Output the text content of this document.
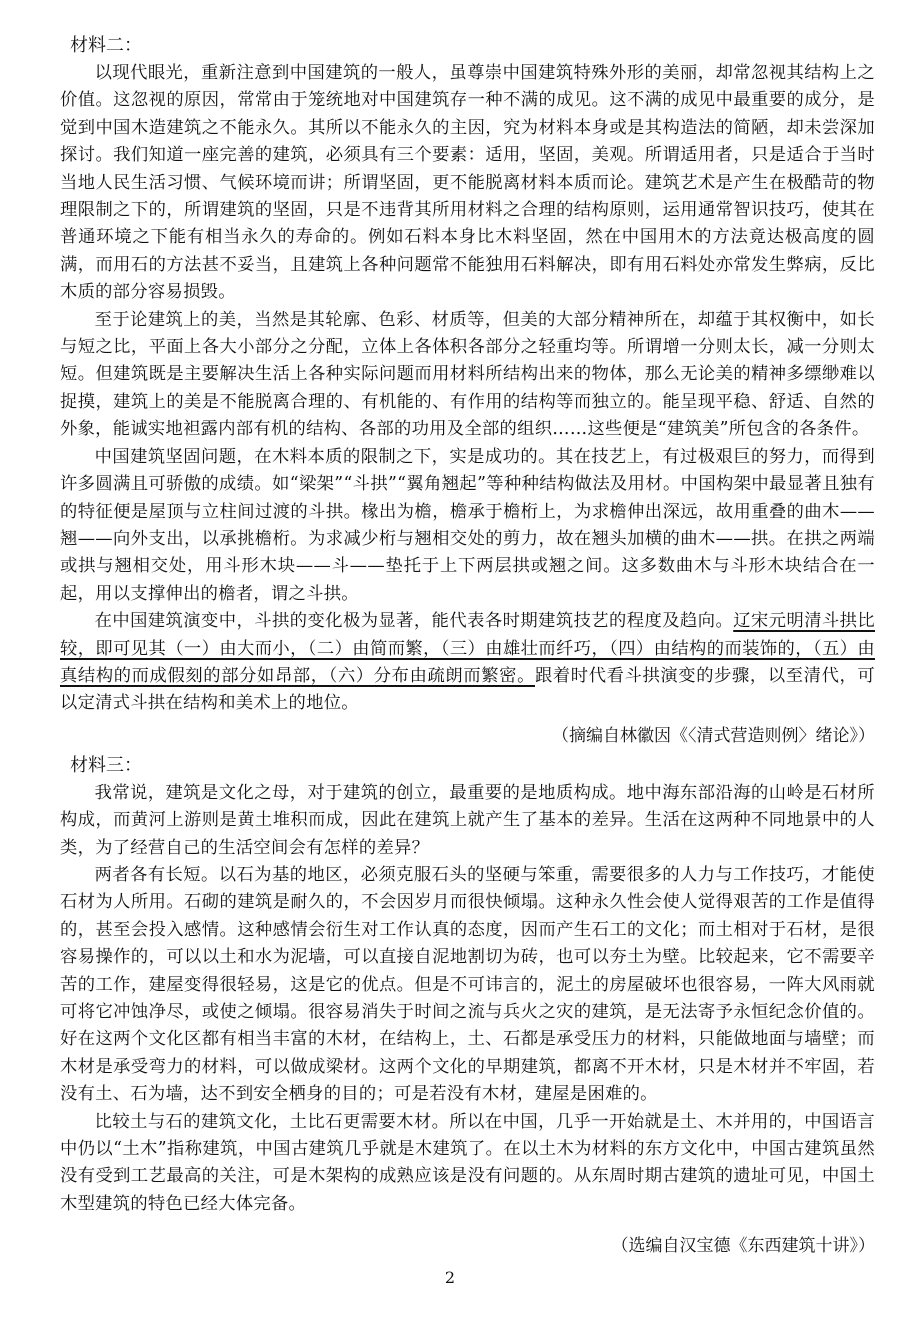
材料二：

以现代眼光，重新注意到中国建筑的一般人，虽尊崇中国建筑特殊外形的美丽，却常忽视其结构上之价值。这忽视的原因，常常由于笼统地对中国建筑存一种不满的成见。这不满的成见中最重要的成分，是觉到中国木造建筑之不能永久。其所以不能永久的主因，究为材料本身或是其构造法的简陋，却未尝深加探讨。我们知道一座完善的建筑，必须具有三个要素：适用，坚固，美观。所谓适用者，只是适合于当时当地人民生活习惯、气候环境而讲；所谓坚固，更不能脱离材料本质而论。建筑艺术是产生在极酷苛的物理限制之下的，所谓建筑的坚固，只是不违背其所用材料之合理的结构原则，运用通常智识技巧，使其在普通环境之下能有相当永久的寿命的。例如石料本身比木料坚固，然在中国用木的方法竟达极高度的圆满，而用石的方法甚不妥当，且建筑上各种问题常不能独用石料解决，即有用石料处亦常发生弊病，反比木质的部分容易损毁。

至于论建筑上的美，当然是其轮廓、色彩、材质等，但美的大部分精神所在，却蕴于其权衡中，如长与短之比，平面上各大小部分之分配，立体上各体积各部分之轻重均等。所谓增一分则太长，减一分则太短。但建筑既是主要解决生活上各种实际问题而用材料所结构出来的物体，那么无论美的精神多缥缈难以捉摸，建筑上的美是不能脱离合理的、有机能的、有作用的结构等而独立的。能呈现平稳、舒适、自然的外象，能诚实地袒露内部有机的结构、各部的功用及全部的组织……这些便是“建筑美”所包含的各条件。

中国建筑坚固问题，在木料本质的限制之下，实是成功的。其在技艺上，有过极艰巨的努力，而得到许多圆满且可骄傲的成绩。如“梁架”“斗拱”“翼角翘起”等种种结构做法及用材。中国构架中最显著且独有的特征便是屋顶与立柱间过渡的斗拱。椽出为檐，檐承于檐桁上，为求檐伸出深远，故用重叠的曲木——翘——向外支出，以承挑檐桁。为求减少桁与翘相交处的剪力，故在翘头加横的曲木——拱。在拱之两端或拱与翘相交处，用斗形木块——斗——垫托于上下两层拱或翘之间。这多数曲木与斗形木块结合在一起，用以支撑伸出的檐者，谓之斗拱。

在中国建筑演变中，斗拱的变化极为显著，能代表各时期建筑技艺的程度及趋向。辽宋元明清斗拱比较，即可见其（一）由大而小，（二）由简而繁，（三）由雄壮而纤巧，（四）由结构的而装饰的，（五）由真结构的而成假刻的部分如昂部，（六）分布由疏朗而繁密。跟着时代看斗拱演变的步骤，以至清代，可以定清式斗拱在结构和美术上的地位。

（摘编自林徽因《〈清式营造则例〉绪论》）
材料三：

我常说，建筑是文化之母，对于建筑的创立，最重要的是地质构成。地中海东部沿海的山岭是石材所构成，而黄河上游则是黄土堆积而成，因此在建筑上就产生了基本的差异。生活在这两种不同地景中的人类，为了经营自己的生活空间会有怎样的差异？

两者各有长短。以石为基的地区，必须克服石头的坚硬与笨重，需要很多的人力与工作技巧，才能使石材为人所用。石砌的建筑是耐久的，不会因岁月而很快倾塌。这种永久性会使人觉得艰苦的工作是值得的，甚至会投入感情。这种感情会衍生对工作认真的态度，因而产生石工的文化；而土相对于石材，是很容易操作的，可以以土和水为泥墙，可以直接自泥地割切为砖，也可以夯土为壁。比较起来，它不需要辛苦的工作，建屋变得很轻易，这是它的优点。但是不可讳言的，泥土的房屋破坏也很容易，一阵大风雨就可将它冲蚀净尽，或使之倾塌。很容易消失于时间之流与兵火之灾的建筑，是无法寄予永恒纪念价值的。好在这两个文化区都有相当丰富的木材，在结构上，土、石都是承受压力的材料，只能做地面与墙壁；而木材是承受弯力的材料，可以做成梁材。这两个文化的早期建筑，都离不开木材，只是木材并不牢固，若没有土、石为墙，达不到安全栖身的目的；可是若没有木材，建屋是困难的。

比较土与石的建筑文化，土比石更需要木材。所以在中国，几乎一开始就是土、木并用的，中国语言中仍以“土木”指称建筑，中国古建筑几乎就是木建筑了。在以土木为材料的东方文化中，中国古建筑虽然没有受到工艺最高的关注，可是木架构的成熟应该是没有问题的。从东周时期古建筑的遗址可见，中国土木型建筑的特色已经大体完备。

（选编自汉宝德《东西建筑十讲》）
2
